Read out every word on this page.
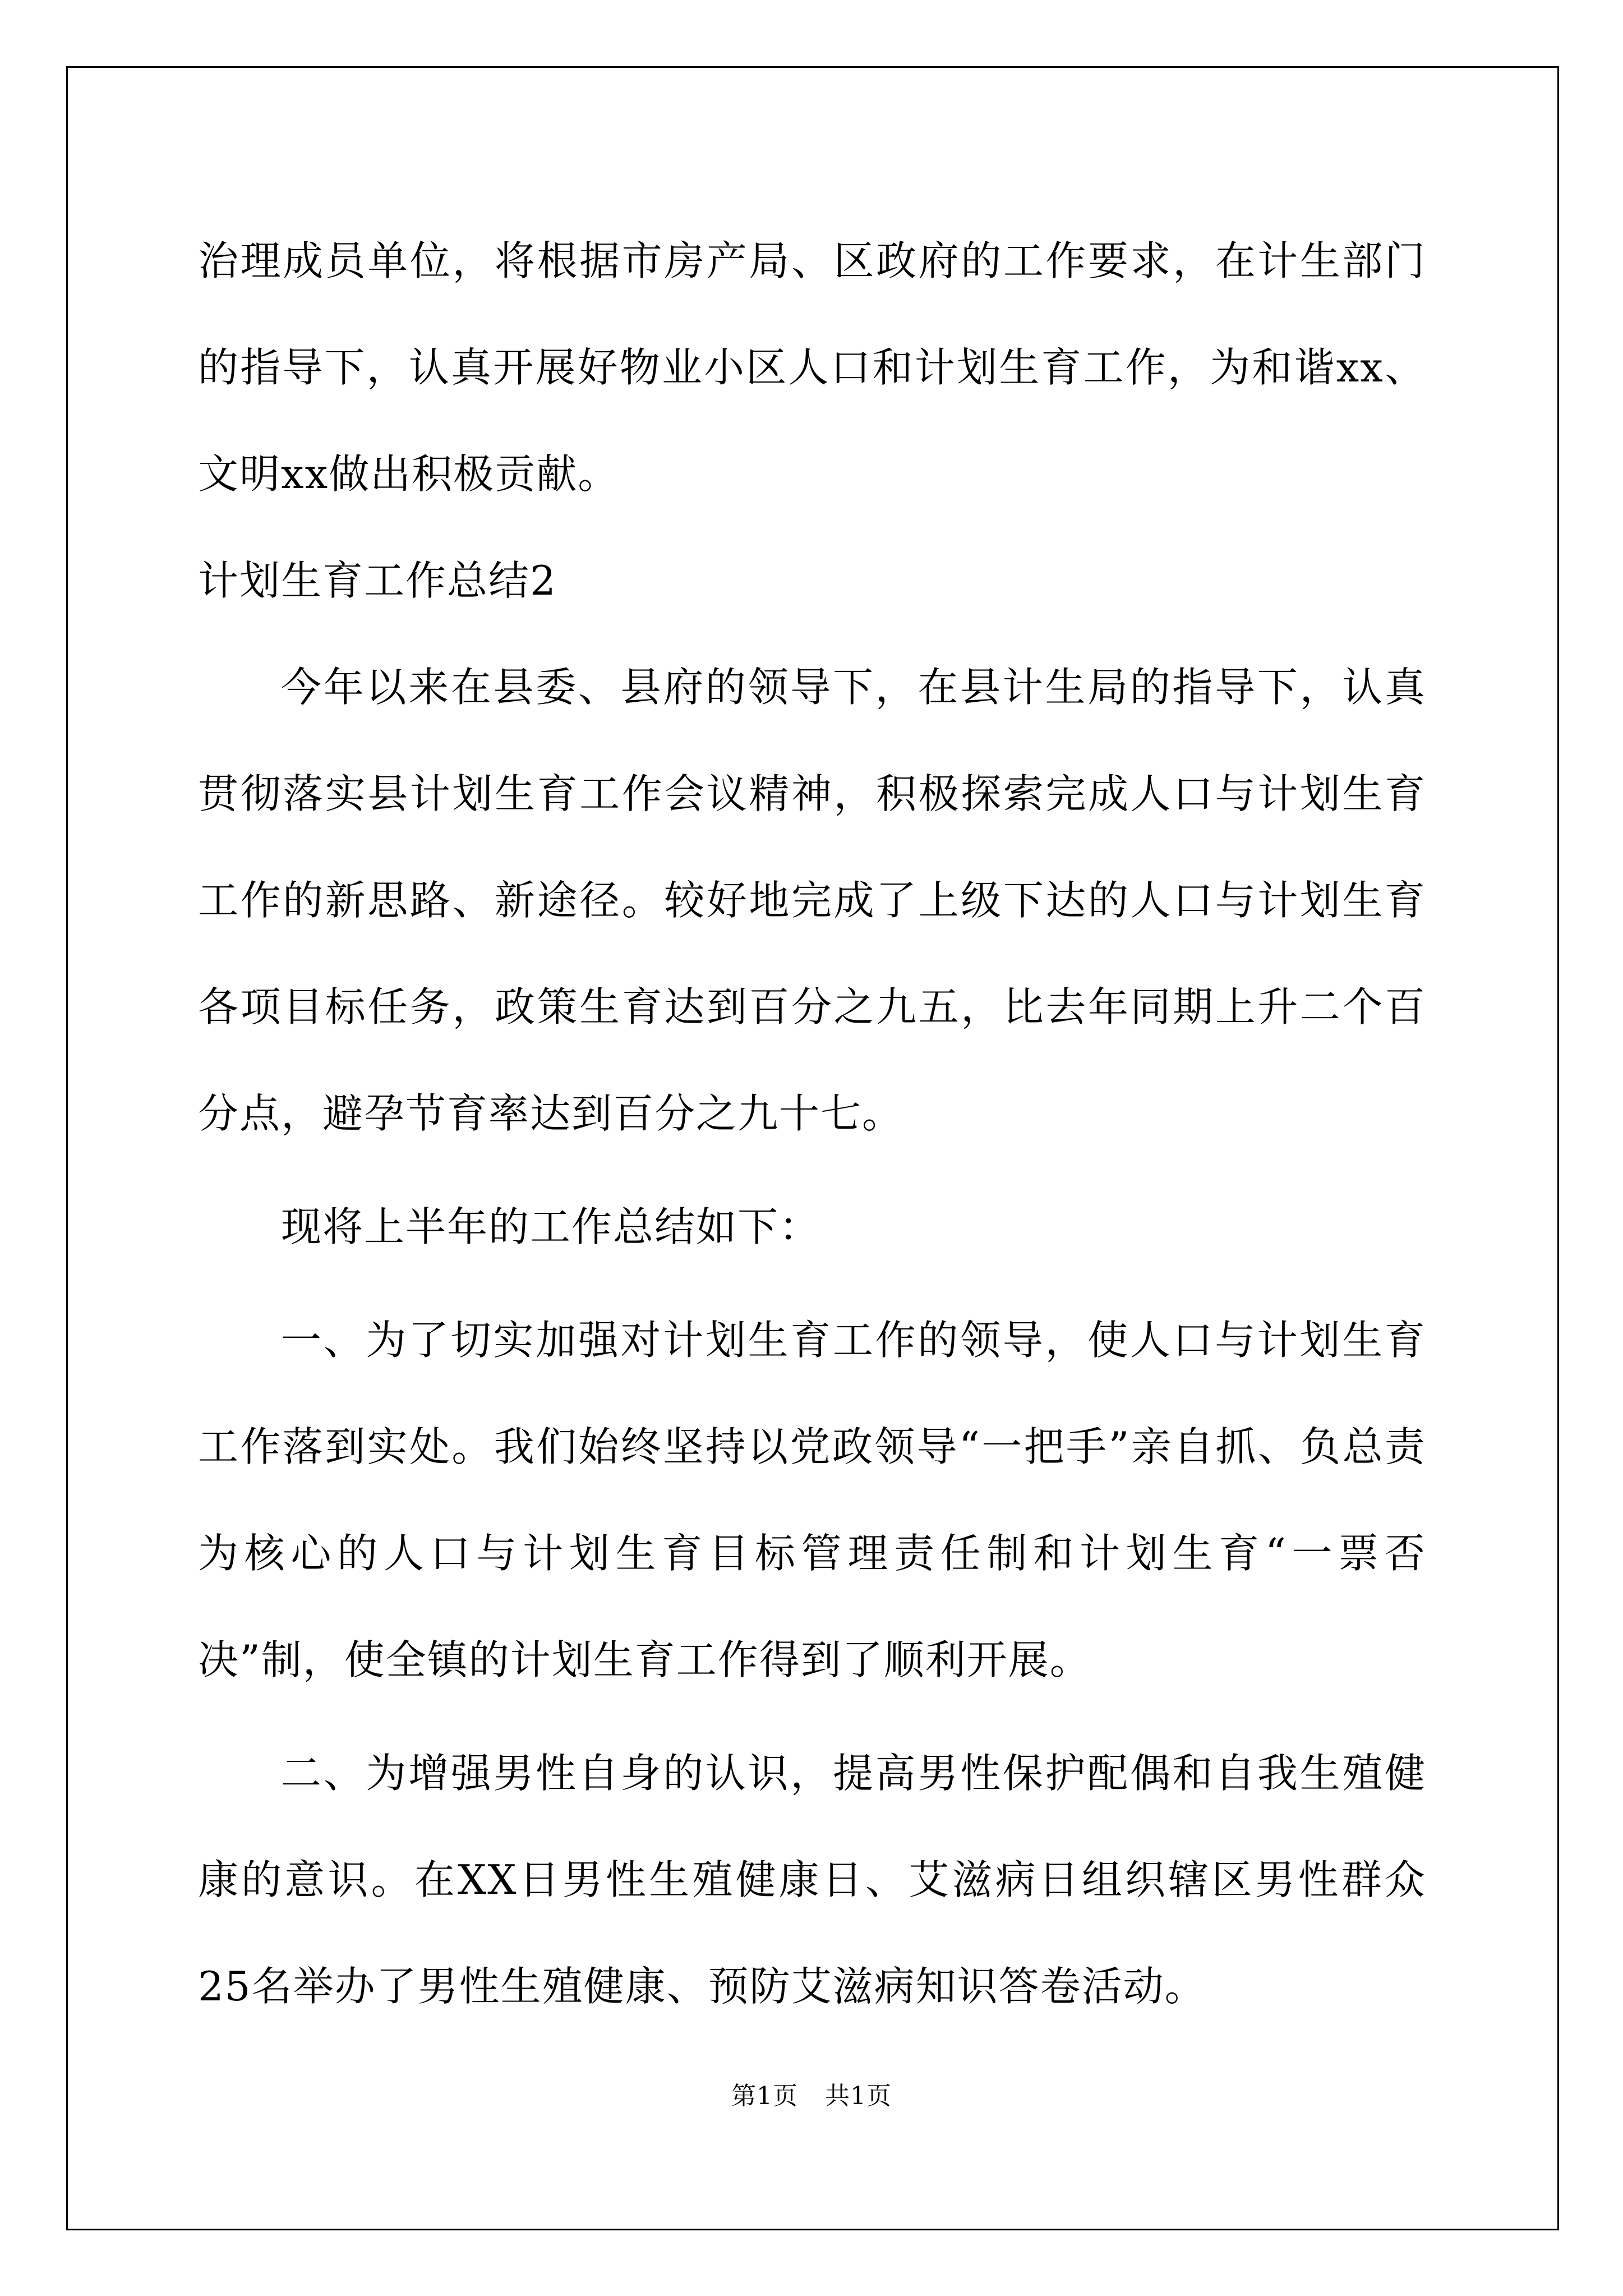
治理成员单位，将根据市房产局、区政府的工作要求，在计生部门的指导下，认真开展好物业小区人口和计划生育工作，为和谐xx、文明xx做出积极贡献。

计划生育工作总结2

今年以来在县委、县府的领导下，在县计生局的指导下，认真贯彻落实县计划生育工作会议精神，积极探索完成人口与计划生育工作的新思路、新途径。较好地完成了上级下达的人口与计划生育各项目标任务，政策生育达到百分之九五，比去年同期上升二个百分点，避孕节育率达到百分之九十七。

现将上半年的工作总结如下：

一、为了切实加强对计划生育工作的领导，使人口与计划生育工作落到实处。我们始终坚持以党政领导“一把手”亲自抓、负总责为核心的人口与计划生育目标管理责任制和计划生育“一票否决”制，使全镇的计划生育工作得到了顺利开展。

二、为增强男性自身的认识，提高男性保护配偶和自我生殖健康的意识。在XX日男性生殖健康日、艾滋病日组织辖区男性群众25名举办了男性生殖健康、预防艾滋病知识答卷活动。

第1页 共1页
